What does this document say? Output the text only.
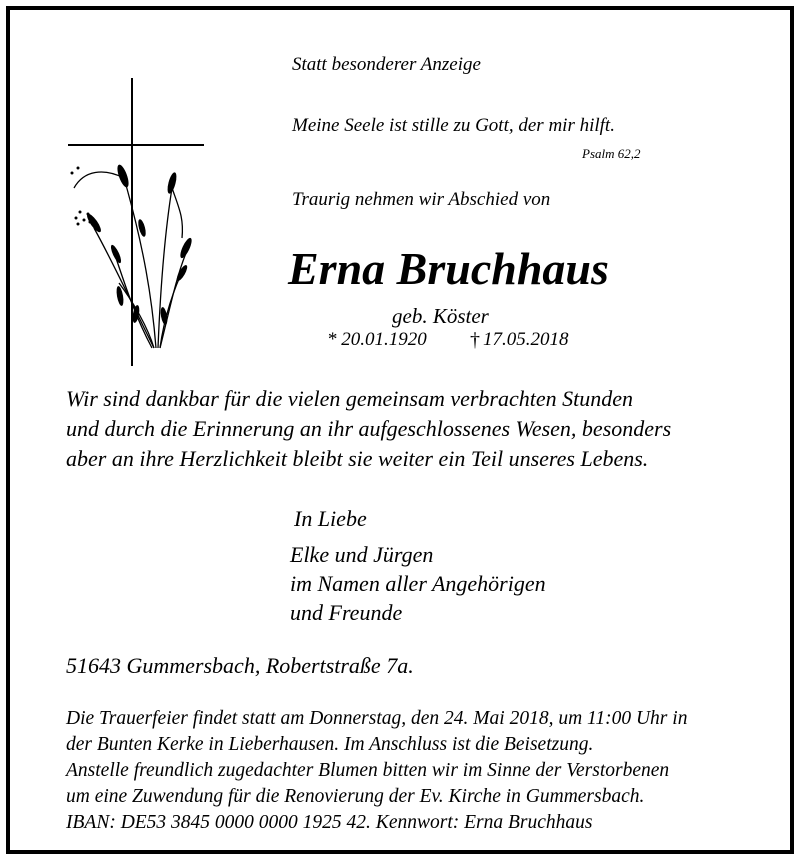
Statt besonderer Anzeige
Meine Seele ist stille zu Gott, der mir hilft.
Psalm 62,2
Traurig nehmen wir Abschied von
Erna Bruchhaus
geb. Köster
* 20.01.1920 † 17.05.2018
Wir sind dankbar für die vielen gemeinsam verbrachten Stunden
und durch die Erinnerung an ihr aufgeschlossenes Wesen, besonders
aber an ihre Herzlichkeit bleibt sie weiter ein Teil unseres Lebens.
In Liebe
Elke und Jürgen
im Namen aller Angehörigen
und Freunde
51643 Gummersbach, Robertstraße 7a.
Die Trauerfeier findet statt am Donnerstag, den 24. Mai 2018, um 11:00 Uhr in
der Bunten Kerke in Lieberhausen. Im Anschluss ist die Beisetzung.
Anstelle freundlich zugedachter Blumen bitten wir im Sinne der Verstorbenen
um eine Zuwendung für die Renovierung der Ev. Kirche in Gummersbach.
IBAN: DE53 3845 0000 0000 1925 42. Kennwort: Erna Bruchhaus
